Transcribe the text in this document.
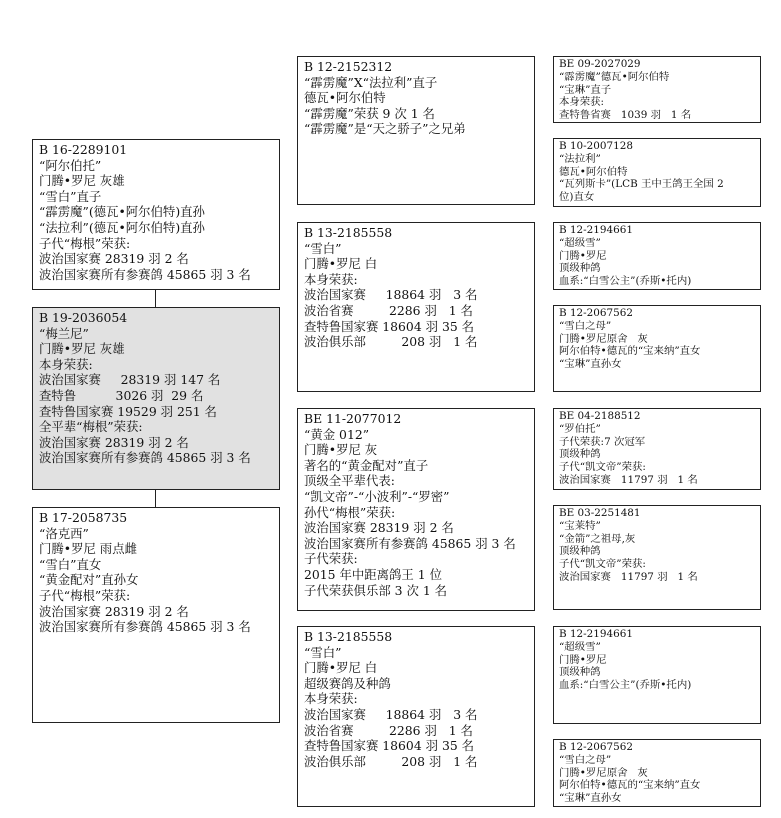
B 16-2289101
“阿尔伯托”
门腾•罗尼 灰雄
“雪白”直子
“霹雳魔”(德瓦•阿尔伯特)直孙
“法拉利”(德瓦•阿尔伯特)直孙
子代“梅根”荣获:
波治国家赛 28319 羽 2 名
波治国家赛所有参赛鸽 45865 羽 3 名
B 19-2036054
“梅兰尼”
门腾•罗尼 灰雄
本身荣获:
波治国家赛     28319 羽 147 名
查特鲁          3026 羽  29 名
查特鲁国家赛 19529 羽 251 名
全平辈“梅根”荣获:
波治国家赛 28319 羽 2 名
波治国家赛所有参赛鸽 45865 羽 3 名
B 17-2058735
“洛克西”
门腾•罗尼 雨点雌
“雪白”直女
“黄金配对”直孙女
子代“梅根”荣获:
波治国家赛 28319 羽 2 名
波治国家赛所有参赛鸽 45865 羽 3 名
B 12-2152312
“霹雳魔”X“法拉利”直子
德瓦•阿尔伯特
“霹雳魔”荣获 9 次 1 名
“霹雳魔”是“天之骄子”之兄弟
B 13-2185558
“雪白”
门腾•罗尼 白
本身荣获:
波治国家赛     18864 羽   3 名
波治省赛         2286 羽   1 名
查特鲁国家赛 18604 羽 35 名
波治俱乐部         208 羽   1 名
BE 11-2077012
“黄金 012”
门腾•罗尼 灰
著名的“黄金配对”直子
顶级全平辈代表:
“凯文帝”-“小波利”-“罗密”
孙代“梅根”荣获:
波治国家赛 28319 羽 2 名
波治国家赛所有参赛鸽 45865 羽 3 名
子代荣获:
2015 年中距离鸽王 1 位
子代荣获俱乐部 3 次 1 名
B 13-2185558
“雪白”
门腾•罗尼 白
超级赛鸽及种鸽
本身荣获:
波治国家赛     18864 羽   3 名
波治省赛         2286 羽   1 名
查特鲁国家赛 18604 羽 35 名
波治俱乐部         208 羽   1 名
BE 09-2027029
“霹雳魔”德瓦•阿尔伯特
“宝琳”直子
本身荣获:
查特鲁省赛   1039 羽   1 名
B 10-2007128
“法拉利”
德瓦•阿尔伯特
“瓦列斯卡”(LCB 王中王鸽王全国 2
位)直女
B 12-2194661
“超级雪”
门腾•罗尼
顶级种鸽
血系:“白雪公主”(乔斯•托内)
B 12-2067562
“雪白之母”
门腾•罗尼原舍   灰
阿尔伯特•德瓦的“宝来纳”直女
“宝琳”直孙女
BE 04-2188512
“罗伯托”
子代荣获:7 次冠军
顶级种鸽
子代“凯文帝”荣获:
波治国家赛   11797 羽   1 名
BE 03-2251481
“宝莱特”
“金箭”之祖母,灰
顶级种鸽
子代“凯文帝”荣获:
波治国家赛   11797 羽   1 名
B 12-2194661
“超级雪”
门腾•罗尼
顶级种鸽
血系:“白雪公主”(乔斯•托内)
B 12-2067562
“雪白之母”
门腾•罗尼原舍   灰
阿尔伯特•德瓦的“宝来纳”直女
“宝琳”直孙女
